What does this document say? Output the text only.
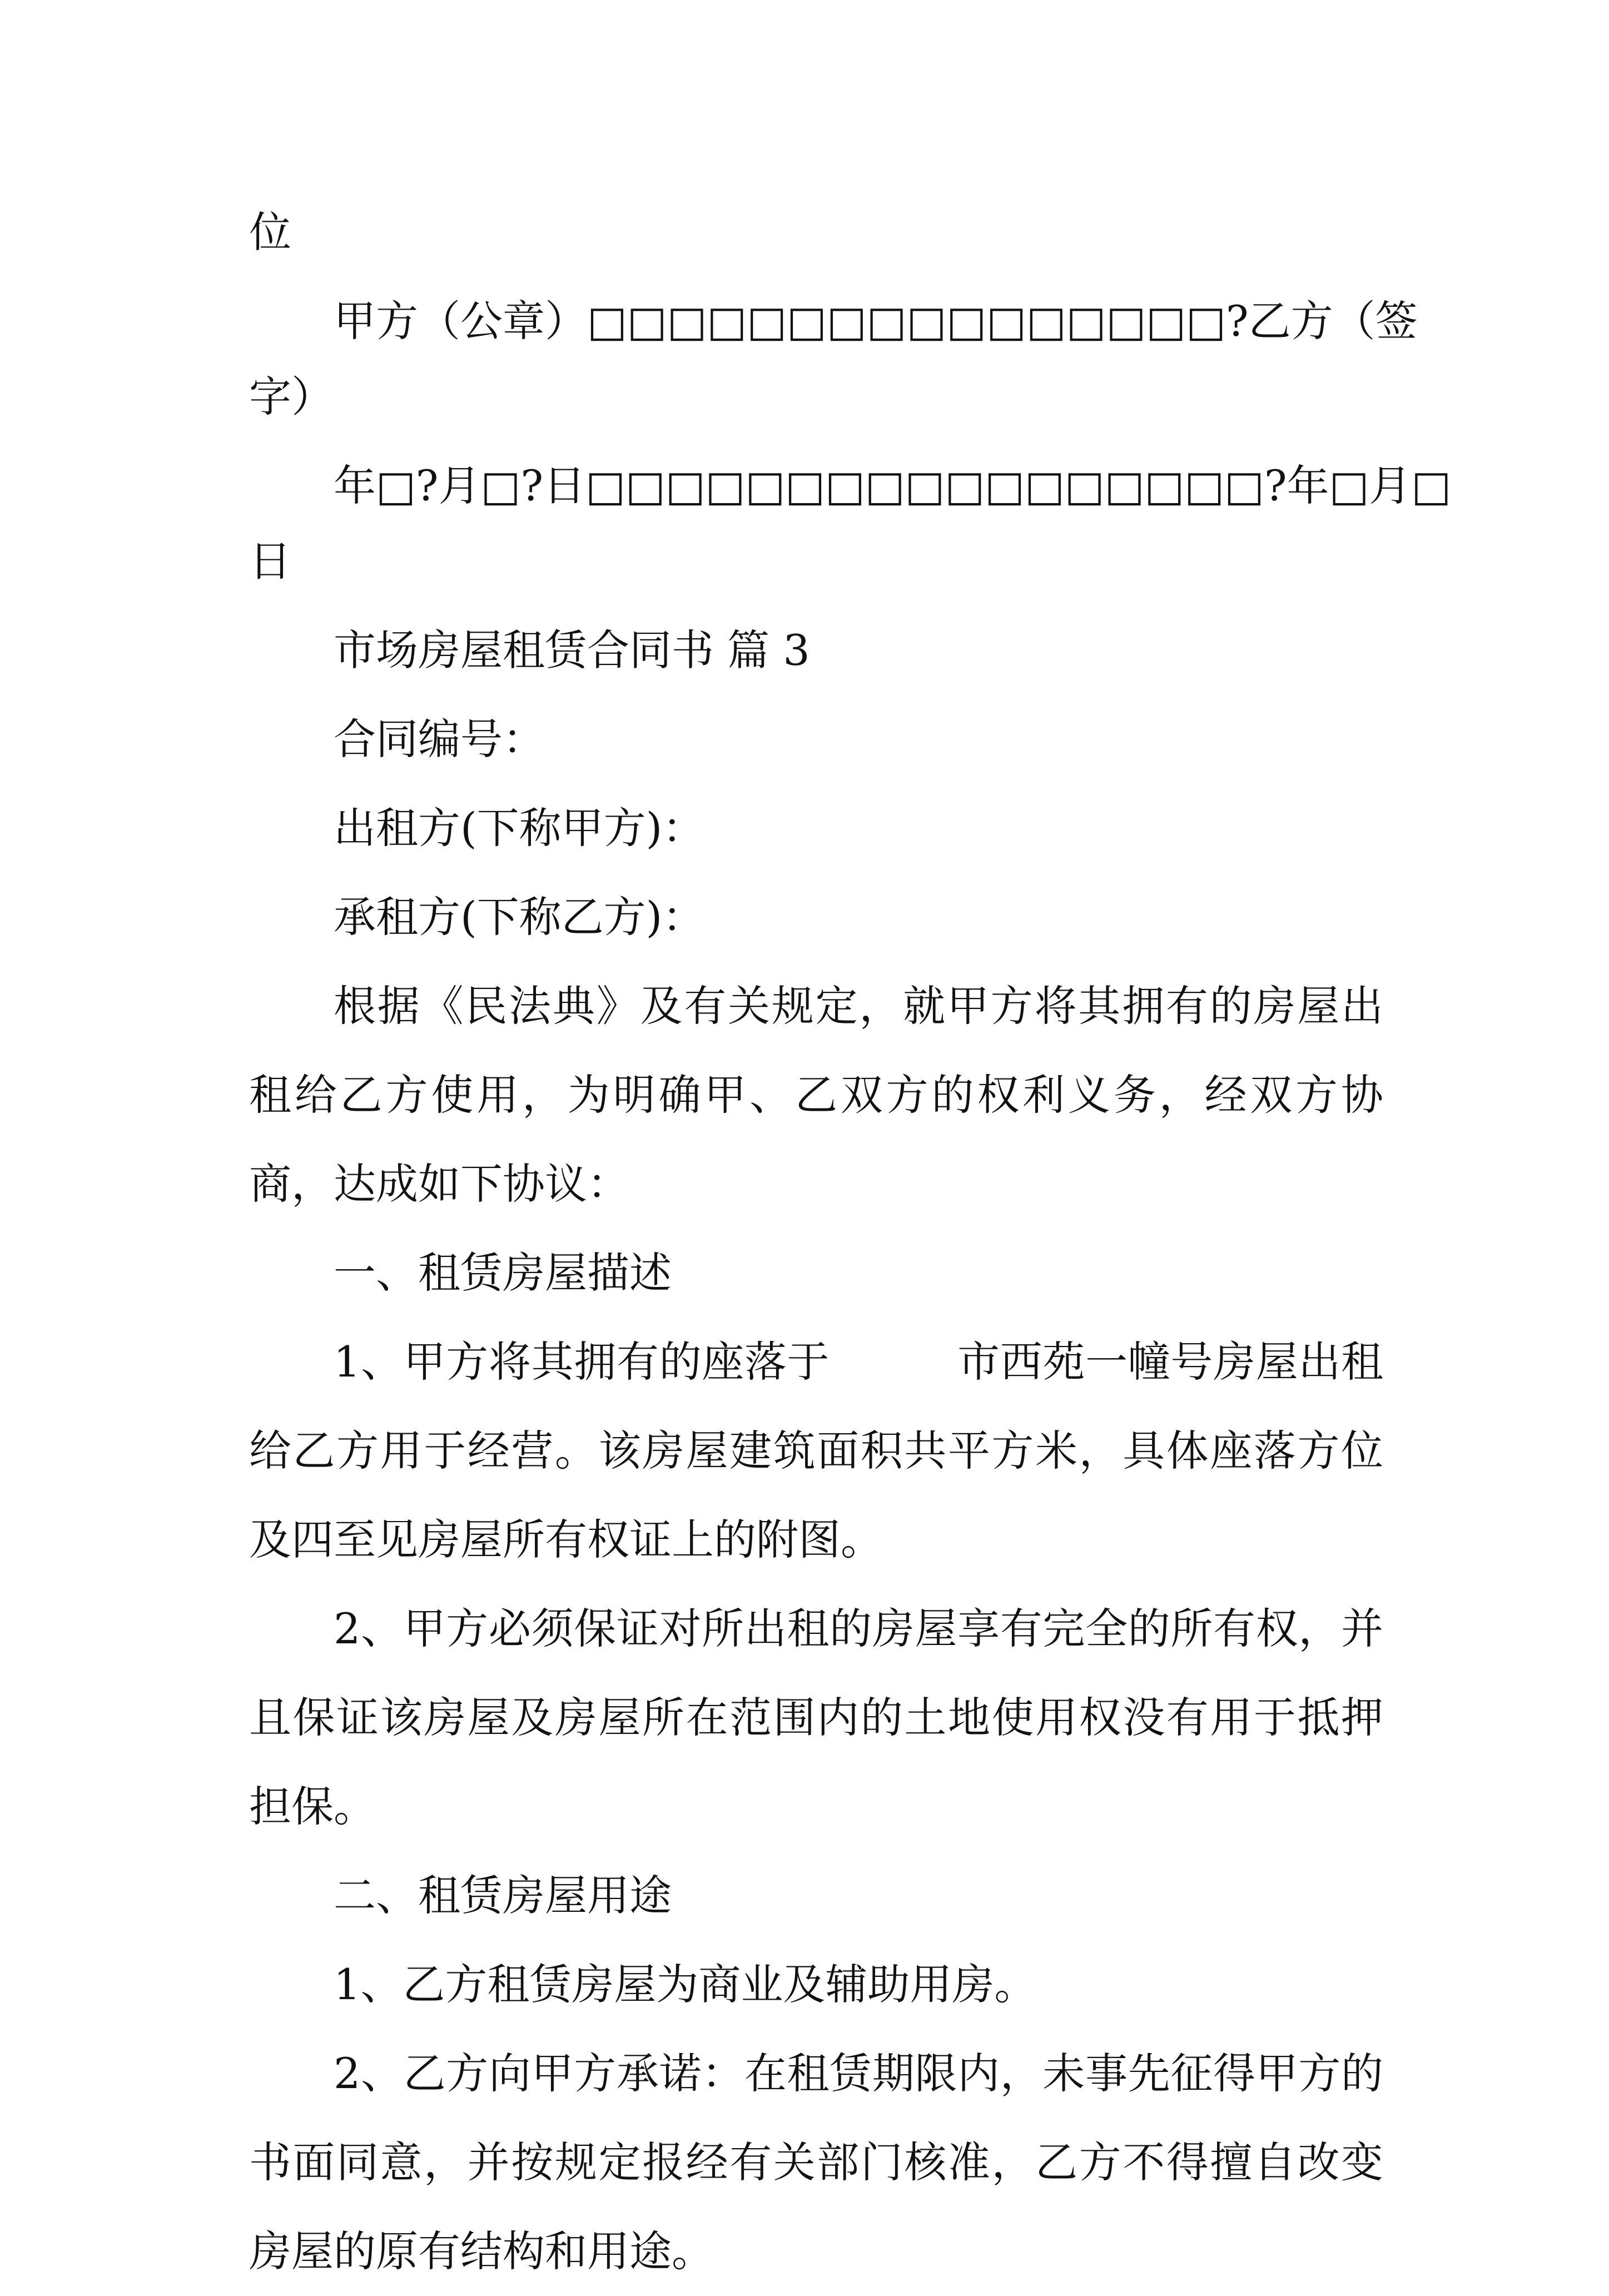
位

甲方（公章）□□□□□□□□□□□□□□□□?乙方（签

字）

年□?月□?日□□□□□□□□□□□□□□□□□?年□月□

日

市场房屋租赁合同书 篇 3

合同编号：

出租方(下称甲方)：

承租方(下称乙方)：

根据《民法典》及有关规定，就甲方将其拥有的房屋出租给乙方使用，为明确甲、乙双方的权利义务，经双方协商，达成如下协议：

一、租赁房屋描述

1、甲方将其拥有的座落于　　　市西苑一幢号房屋出租给乙方用于经营。该房屋建筑面积共平方米，具体座落方位及四至见房屋所有权证上的附图。

2、甲方必须保证对所出租的房屋享有完全的所有权，并且保证该房屋及房屋所在范围内的土地使用权没有用于抵押担保。

二、租赁房屋用途

1、乙方租赁房屋为商业及辅助用房。

2、乙方向甲方承诺：在租赁期限内，未事先征得甲方的书面同意，并按规定报经有关部门核准，乙方不得擅自改变房屋的原有结构和用途。
